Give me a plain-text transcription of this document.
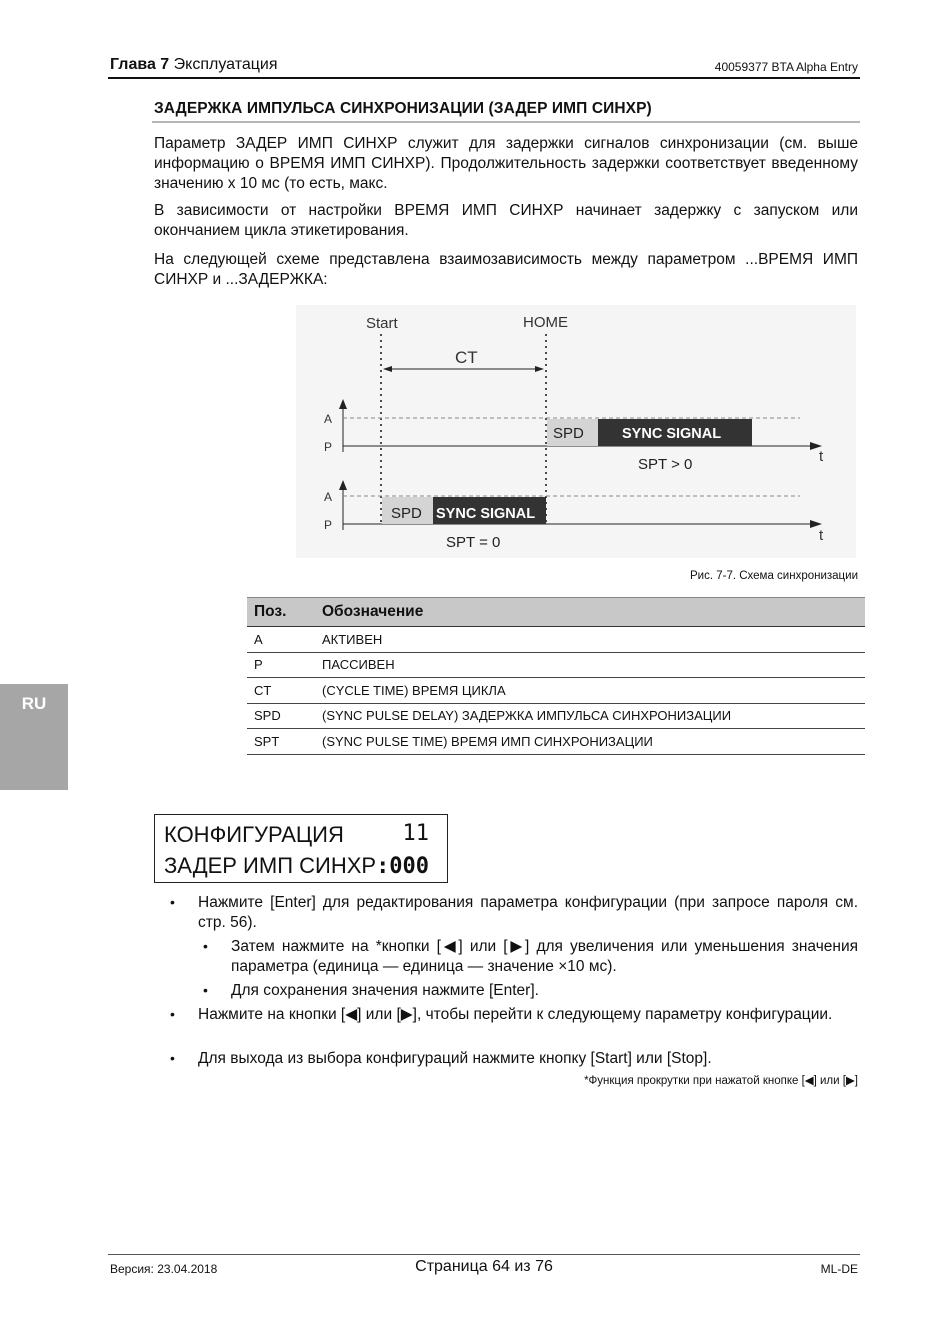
Глава 7 Эксплуатация	40059377 BTA Alpha Entry
ЗАДЕРЖКА ИМПУЛЬСА СИНХРОНИЗАЦИИ (ЗАДЕР ИМП СИНХР)
Параметр ЗАДЕР ИМП СИНХР служит для задержки сигналов синхронизации (см. выше информацию о ВРЕМЯ ИМП СИНХР). Продолжительность задержки соответствует введенному значению x 10 мс (то есть, макс.
В зависимости от настройки ВРЕМЯ ИМП СИНХР начинает задержку с запуском или окончанием цикла этикетирования.
На следующей схеме представлена взаимозависимость между параметром ...ВРЕМЯ ИМП СИНХР и ...ЗАДЕРЖКА:
Start	HOME
CT
A
P
t
SPD	SYNC SIGNAL
SPT > 0
A
P
t
SPD SYNC SIGNAL
SPT = 0
Рис. 7-7. Схема синхронизации
Поз.	Обозначение
A	АКТИВЕН
P	ПАССИВЕН
CT	(CYCLE TIME) ВРЕМЯ ЦИКЛА
SPD	(SYNC PULSE DELAY) ЗАДЕРЖКА ИМПУЛЬСА СИНХРОНИЗАЦИИ
SPT	(SYNC PULSE TIME) ВРЕМЯ ИМП СИНХРОНИЗАЦИИ
RU
КОНФИГУРАЦИЯ	11
ЗАДЕР ИМП СИНХР:000
• Нажмите [Enter] для редактирования параметра конфигурации (при запросе пароля см. стр. 56).
• Затем нажмите на *кнопки [◀] или [▶] для увеличения или уменьшения значения параметра (единица — единица — значение ×10 мс).
• Для сохранения значения нажмите [Enter].
• Нажмите на кнопки [◀] или [▶], чтобы перейти к следующему параметру конфигурации.
• Для выхода из выбора конфигураций нажмите кнопку [Start] или [Stop].
*Функция прокрутки при нажатой кнопке [◀] или [▶]
Версия: 23.04.2018	Страница 64 из 76	ML-DE
